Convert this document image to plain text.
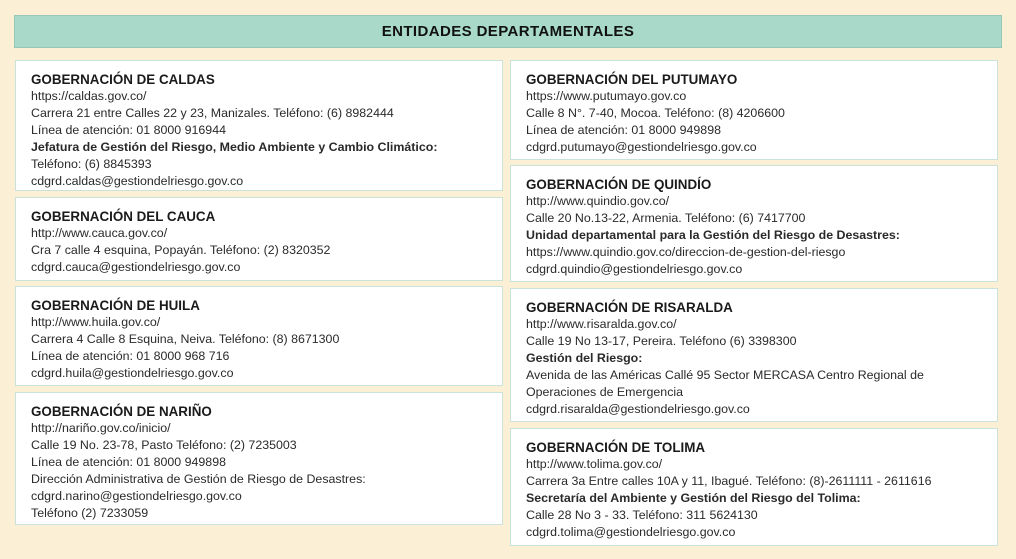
ENTIDADES DEPARTAMENTALES
GOBERNACIÓN DE CALDAS
https://caldas.gov.co/
Carrera 21 entre Calles 22 y 23, Manizales. Teléfono: (6) 8982444
Línea de atención: 01 8000 916944
Jefatura de Gestión del Riesgo, Medio Ambiente y Cambio Climático:
Teléfono: (6) 8845393
cdgrd.caldas@gestiondelriesgo.gov.co
GOBERNACIÓN DEL CAUCA
http://www.cauca.gov.co/
Cra 7 calle 4 esquina, Popayán. Teléfono: (2) 8320352
cdgrd.cauca@gestiondelriesgo.gov.co
GOBERNACIÓN DE HUILA
http://www.huila.gov.co/
Carrera 4 Calle 8 Esquina, Neiva. Teléfono: (8) 8671300
Línea de atención: 01 8000 968 716
cdgrd.huila@gestiondelriesgo.gov.co
GOBERNACIÓN DE NARIÑO
http://nariño.gov.co/inicio/
Calle 19 No. 23-78, Pasto Teléfono: (2) 7235003
Línea de atención: 01 8000 949898
Dirección Administrativa de Gestión de Riesgo de Desastres:
cdgrd.narino@gestiondelriesgo.gov.co
Teléfono (2) 7233059
GOBERNACIÓN DEL PUTUMAYO
https://www.putumayo.gov.co
Calle 8 N°. 7-40, Mocoa. Teléfono: (8) 4206600
Línea de atención: 01 8000 949898
cdgrd.putumayo@gestiondelriesgo.gov.co
GOBERNACIÓN DE QUINDÍO
http://www.quindio.gov.co/
Calle 20 No.13-22, Armenia. Teléfono: (6) 7417700
Unidad departamental para la Gestión del Riesgo de Desastres:
https://www.quindio.gov.co/direccion-de-gestion-del-riesgo
cdgrd.quindio@gestiondelriesgo.gov.co
GOBERNACIÓN DE RISARALDA
http://www.risaralda.gov.co/
Calle 19 No 13-17, Pereira. Teléfono (6) 3398300
Gestión del Riesgo:
Avenida de las Américas Callé 95 Sector MERCASA Centro Regional de Operaciones de Emergencia
cdgrd.risaralda@gestiondelriesgo.gov.co
GOBERNACIÓN DE TOLIMA
http://www.tolima.gov.co/
Carrera 3a Entre calles 10A y 11, Ibagué. Teléfono: (8)-2611111 - 2611616
Secretaría del Ambiente y Gestión del Riesgo del Tolima:
Calle 28 No 3 - 33. Teléfono: 311 5624130
cdgrd.tolima@gestiondelriesgo.gov.co
